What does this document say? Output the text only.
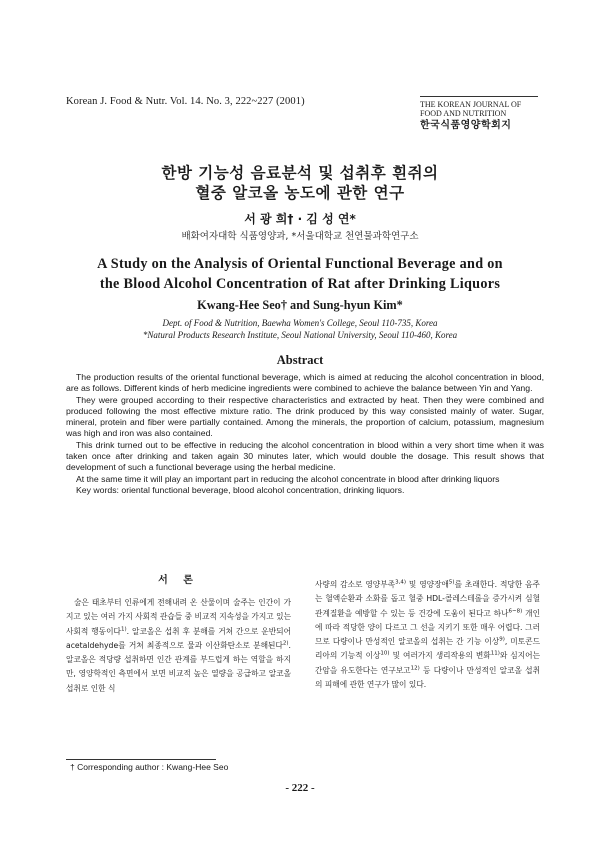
Korean J. Food & Nutr. Vol. 14. No. 3, 222~227 (2001)	THE KOREAN JOURNAL OF
FOOD AND NUTRITION
한국식품영양학회지
한방 기능성 음료분석 및 섭취후 흰쥐의
혈중 알코올 농도에 관한 연구
서 광 희† · 김 성 연*
배화여자대학 식품영양과, *서울대학교 천연물과학연구소
A Study on the Analysis of Oriental Functional Beverage and on
the Blood Alcohol Concentration of Rat after Drinking Liquors
Kwang-Hee Seo† and Sung-hyun Kim*
Dept. of Food & Nutrition, Baewha Women's College, Seoul 110-735, Korea
*Natural Products Research Institute, Seoul National University, Seoul 110-460, Korea
Abstract

The production results of the oriental functional beverage, which is aimed at reducing the alcohol concentration in blood, are as follows. Different kinds of herb medicine ingredients were combined to achieve the balance between Yin and Yang.

They were grouped according to their respective characteristics and extracted by heat. Then they were combined and produced following the most effective mixture ratio. The drink produced by this way consisted mainly of water. Sugar, mineral, protein and fiber were partially contained. Among the minerals, the proportion of calcium, potassium, magnesium was high and iron was also contained.

This drink turned out to be effective in reducing the alcohol concentration in blood within a very short time when it was taken once after drinking and taken again 30 minutes later, which would double the dosage. This result shows that development of such a functional beverage using the herbal medicine.

At the same time it will play an important part in reducing the alcohol concentrate in blood after drinking liquors

Key words: oriental functional beverage, blood alcohol concentration, drinking liquors.

서 론

술은 태초부터 인류에게 전해내려 온 산물이며 술주는 인간이 가지고 있는 여러 가지 사회적 관습들 중 비교적 지속성을 가지고 있는 사회적 행동이다$^{1)}$. 알코올은 섭취 후 분해를 거쳐 간으로 운반되어 acetaldehyde를 거쳐 최종적으로 물과 이산화탄소로 분해된다$^{2)}$. 알코올은 적당량 섭취하면 인간 관계를 부드럽게 하는 역할을 하지만, 영양학적인 측면에서 보면 비교적 높은 열량을 공급하고 알코올 섭취로 인한 식

사량의 감소로 영양부족$^{3,4)}$ 및 영양장애$^{5)}$를 초래한다. 적당한 음주는 혈액순환과 소화를 돕고 혈중 HDL-콜레스테롤을 증가시켜 심혈관계질환을 예방할 수 있는 등 건강에 도움이 된다고 하나$^{6\sim 8)}$ 개인에 따라 적당한 양이 다르고 그 선을 지키기 또한 매우 어렵다. 그러므로 다량이나 만성적인 알코올의 섭취는 간 기능 이상$^{9)}$, 미토콘드리아의 기능적 이상$^{10)}$ 및 여러가지 생리작용의 변화$^{11)}$와 심지어는 간암을 유도한다는 연구보고$^{12)}$ 등 다량이나 만성적인 알코올 섭취의 피해에 관한 연구가 많이 있다.

† Corresponding author : Kwang-Hee Seo
- 222 -
